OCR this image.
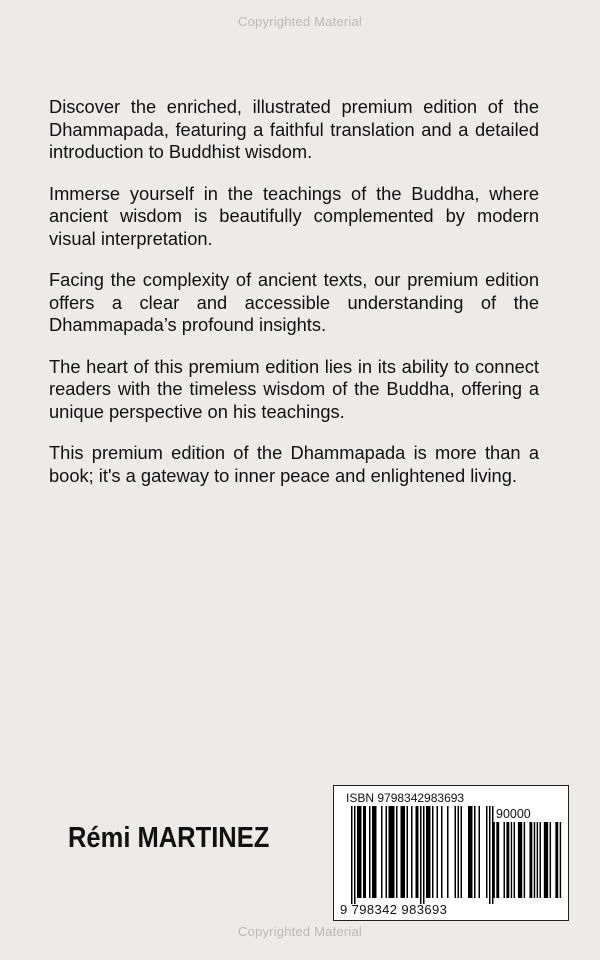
Copyrighted Material

Discover the enriched, illustrated premium edition of the Dhammapada, featuring a faithful translation and a detailed introduction to Buddhist wisdom.

Immerse yourself in the teachings of the Buddha, where ancient wisdom is beautifully complemented by modern visual interpretation.

Facing the complexity of ancient texts, our premium edition offers a clear and accessible understanding of the Dhammapada’s profound insights.

The heart of this premium edition lies in its ability to connect readers with the timeless wisdom of the Buddha, offering a unique perspective on his teachings.

This premium edition of the Dhammapada is more than a book; it's a gateway to inner peace and enlightened living.

Rémi MARTINEZ
ISBN 9798342983693
90000
9 798342 983693
Copyrighted Material
